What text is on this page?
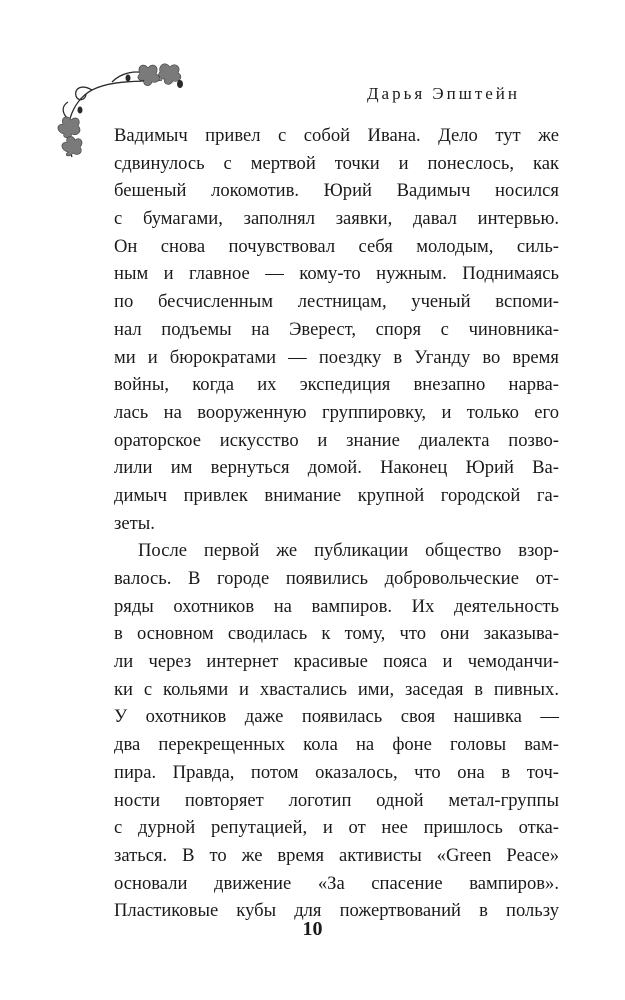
Дарья Эпштейн
Вадимыч привел с собой Ивана. Дело тут же
сдвинулось с мертвой точки и понеслось, как
бешеный локомотив. Юрий Вадимыч носился
с бумагами, заполнял заявки, давал интервью.
Он снова почувствовал себя молодым, силь-
ным и главное — кому-то нужным. Поднимаясь
по бесчисленным лестницам, ученый вспоми-
нал подъемы на Эверест, споря с чиновника-
ми и бюрократами — поездку в Уганду во время
войны, когда их экспедиция внезапно нарва-
лась на вооруженную группировку, и только его
ораторское искусство и знание диалекта позво-
лили им вернуться домой. Наконец Юрий Ва-
димыч привлек внимание крупной городской га-
зеты.
После первой же публикации общество взор-
валось. В городе появились добровольческие от-
ряды охотников на вампиров. Их деятельность
в основном сводилась к тому, что они заказыва-
ли через интернет красивые пояса и чемоданчи-
ки с кольями и хвастались ими, заседая в пивных.
У охотников даже появилась своя нашивка —
два перекрещенных кола на фоне головы вам-
пира. Правда, потом оказалось, что она в точ-
ности повторяет логотип одной метал-группы
с дурной репутацией, и от нее пришлось отка-
заться. В то же время активисты «Green Peace»
основали движение «За спасение вампиров».
Пластиковые кубы для пожертвований в пользу
10
